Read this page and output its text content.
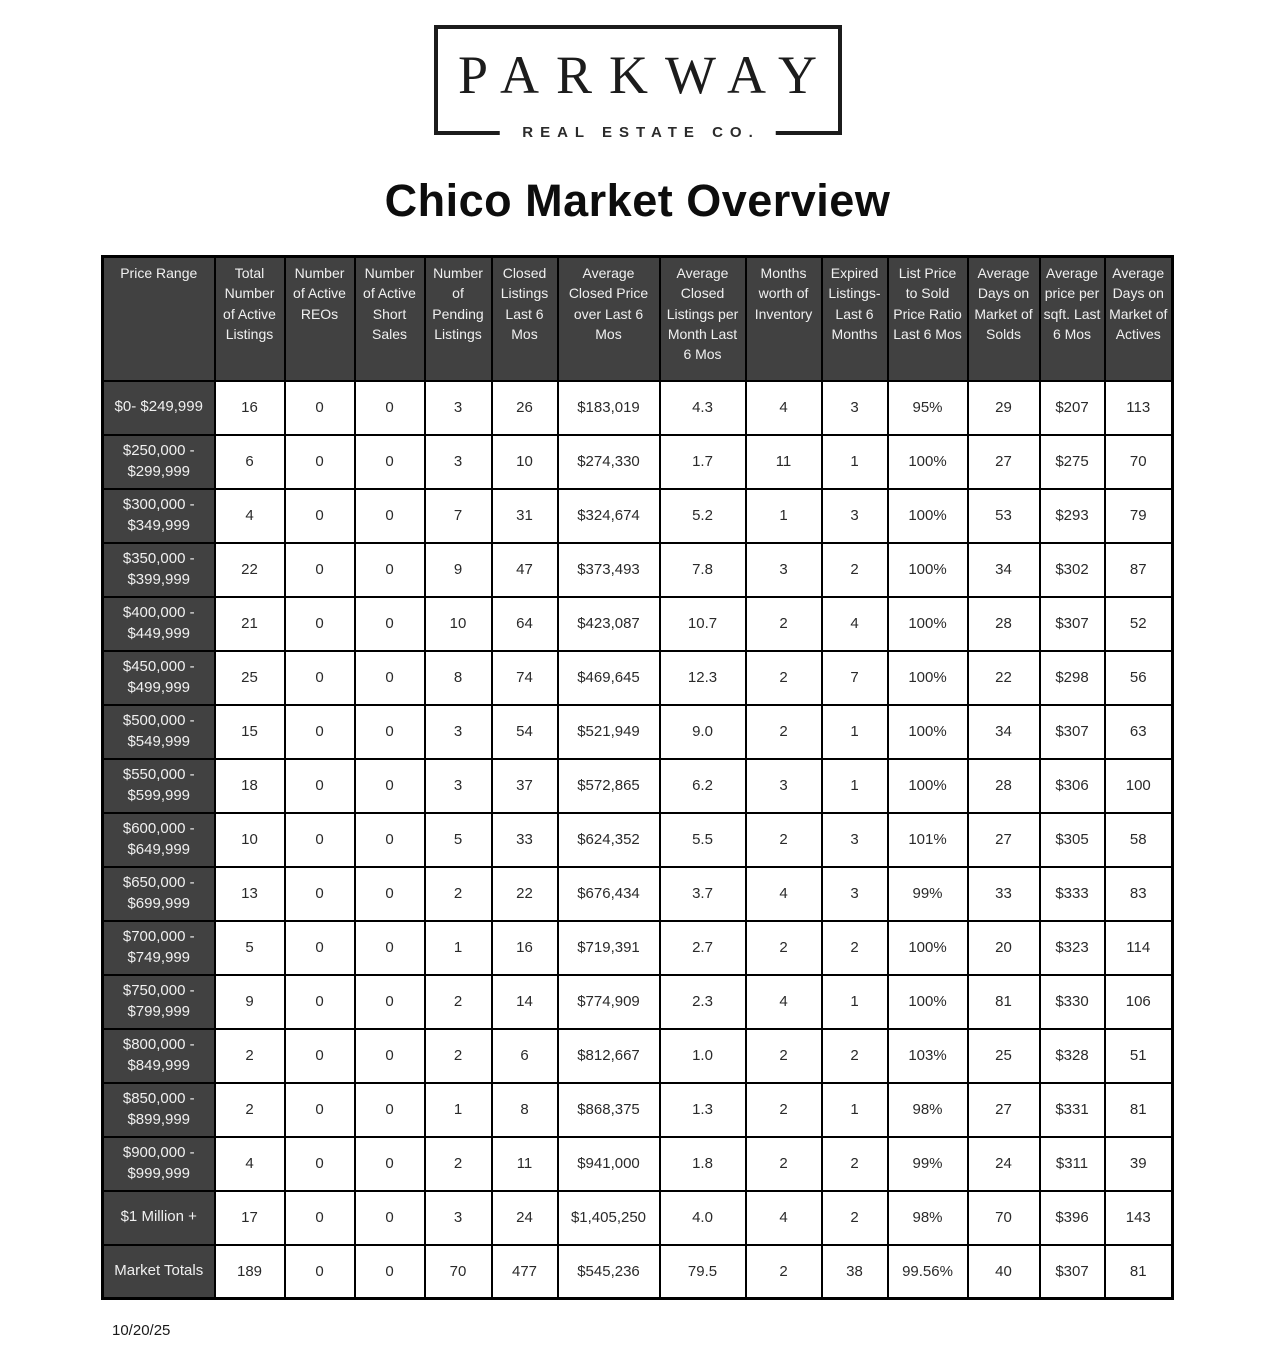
PARKWAY
REAL ESTATE CO.
Chico Market Overview
Price Range	Total Number of Active Listings	Number of Active REOs	Number of Active Short Sales	Number of Pending Listings	Closed Listings Last 6 Mos	Average Closed Price over Last 6 Mos	Average Closed Listings per Month Last 6 Mos	Months worth of Inventory	Expired Listings- Last 6 Months	List Price to Sold Price Ratio Last 6 Mos	Average Days on Market of Solds	Average price per sqft. Last 6 Mos	Average Days on Market of Actives
$0- $249,999	16	0	0	3	26	$183,019	4.3	4	3	95%	29	$207	113
$250,000 - $299,999	6	0	0	3	10	$274,330	1.7	11	1	100%	27	$275	70
$300,000 - $349,999	4	0	0	7	31	$324,674	5.2	1	3	100%	53	$293	79
$350,000 - $399,999	22	0	0	9	47	$373,493	7.8	3	2	100%	34	$302	87
$400,000 - $449,999	21	0	0	10	64	$423,087	10.7	2	4	100%	28	$307	52
$450,000 - $499,999	25	0	0	8	74	$469,645	12.3	2	7	100%	22	$298	56
$500,000 - $549,999	15	0	0	3	54	$521,949	9.0	2	1	100%	34	$307	63
$550,000 - $599,999	18	0	0	3	37	$572,865	6.2	3	1	100%	28	$306	100
$600,000 - $649,999	10	0	0	5	33	$624,352	5.5	2	3	101%	27	$305	58
$650,000 - $699,999	13	0	0	2	22	$676,434	3.7	4	3	99%	33	$333	83
$700,000 - $749,999	5	0	0	1	16	$719,391	2.7	2	2	100%	20	$323	114
$750,000 - $799,999	9	0	0	2	14	$774,909	2.3	4	1	100%	81	$330	106
$800,000 - $849,999	2	0	0	2	6	$812,667	1.0	2	2	103%	25	$328	51
$850,000 - $899,999	2	0	0	1	8	$868,375	1.3	2	1	98%	27	$331	81
$900,000 - $999,999	4	0	0	2	11	$941,000	1.8	2	2	99%	24	$311	39
$1 Million +	17	0	0	3	24	$1,405,250	4.0	4	2	98%	70	$396	143
Market Totals	189	0	0	70	477	$545,236	79.5	2	38	99.56%	40	$307	81
10/20/25
